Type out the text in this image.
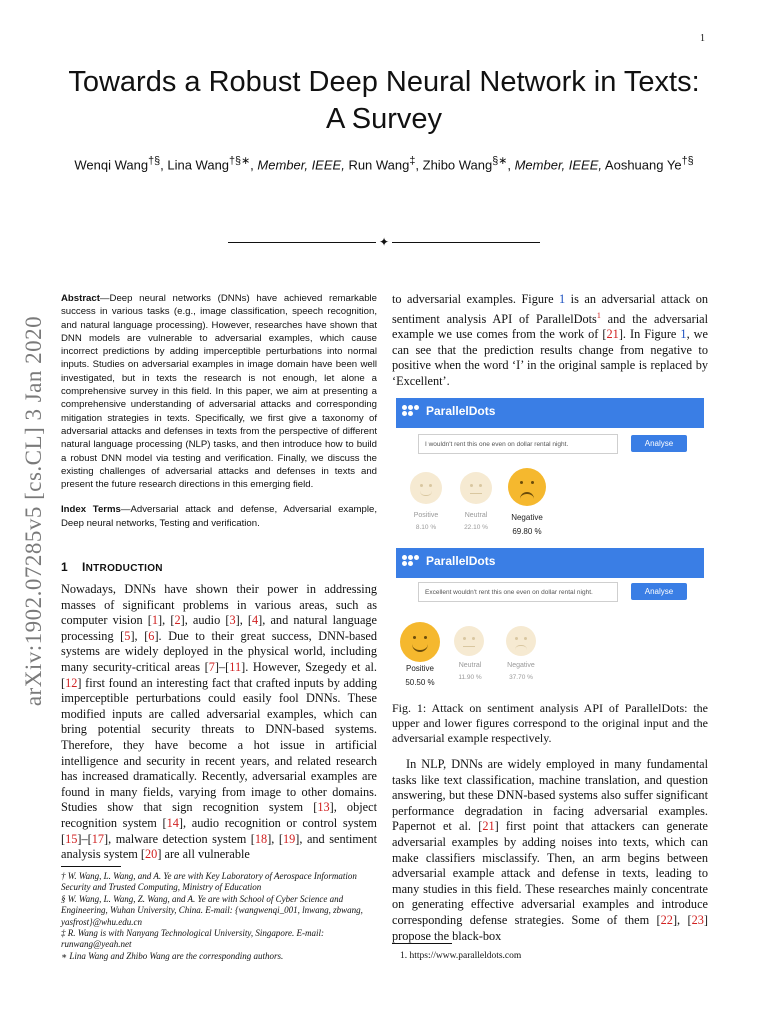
1
Towards a Robust Deep Neural Network in Texts: A Survey
Wenqi Wang†§, Lina Wang†§∗, Member, IEEE, Run Wang‡, Zhibo Wang§∗, Member, IEEE, Aoshuang Ye†§
✦
arXiv:1902.07285v5 [cs.CL] 3 Jan 2020

Abstract—Deep neural networks (DNNs) have achieved remarkable success in various tasks (e.g., image classification, speech recognition, and natural language processing). However, researches have shown that DNN models are vulnerable to adversarial examples, which cause incorrect predictions by adding imperceptible perturbations into normal inputs. Studies on adversarial examples in image domain have been well investigated, but in texts the research is not enough, let alone a comprehensive survey in this field. In this paper, we aim at presenting a comprehensive understanding of adversarial attacks and corresponding mitigation strategies in texts. Specifically, we first give a taxonomy of adversarial attacks and defenses in texts from the perspective of different natural language processing (NLP) tasks, and then introduce how to build a robust DNN model via testing and verification. Finally, we discuss the existing challenges of adversarial attacks and defenses in texts and present the future research directions in this emerging field.

Index Terms—Adversarial attack and defense, Adversarial example, Deep neural networks, Testing and verification.

1 INTRODUCTION

Nowadays, DNNs have shown their power in addressing masses of significant problems in various areas, such as computer vision [1], [2], audio [3], [4], and natural language processing [5], [6]. Due to their great success, DNN-based systems are widely deployed in the physical world, including many security-critical areas [7]–[11]. However, Szegedy et al. [12] first found an interesting fact that crafted inputs by adding imperceptible perturbations could easily fool DNNs. These modified inputs are called adversarial examples, which can bring potential security threats to DNN-based systems. Therefore, they have become a hot issue in artificial intelligence and security in recent years, and related research has increased dramatically. Recently, adversarial examples are found in many fields, varying from image to other domains. Studies show that sign recognition system [13], object recognition system [14], audio recognition or control system [15]–[17], malware detection system [18], [19], and sentiment analysis system [20] are all vulnerable

† W. Wang, L. Wang, and A. Ye are with Key Laboratory of Aerospace Information Security and Trusted Computing, Ministry of Education

§ W. Wang, L. Wang, Z. Wang, and A. Ye are with School of Cyber Science and Engineering, Wuhan University, China. E-mail: {wangwenqi_001, lnwang, zbwang, yasfrost}@whu.edu.cn

‡ R. Wang is with Nanyang Technological University, Singapore. E-mail: runwang@yeah.net

∗ Lina Wang and Zhibo Wang are the corresponding authors.

to adversarial examples. Figure 1 is an adversarial attack on sentiment analysis API of ParallelDots$^1$ and the adversarial example we use comes from the work of [21]. In Figure 1, we can see that the prediction results change from negative to positive when the word ‘I’ in the original sample is replaced by ‘Excellent’.

ParallelDots
I wouldn't rent this one even on dollar rental night.	Analyse
Positive	Neutral	Negative
8.10 %	22.10 %	69.80 %
ParallelDots
Excellent wouldn't rent this one even on dollar rental night.	Analyse
Positive	Neutral	Negative
50.50 %
11.90 %	37.70 %
Fig. 1: Attack on sentiment analysis API of ParallelDots: the upper and lower figures correspond to the original input and the adversarial example respectively.

In NLP, DNNs are widely employed in many fundamental tasks like text classification, machine translation, and question answering, but these DNN-based systems also suffer significant performance degradation in facing adversarial examples. Papernot et al. [21] first point that attackers can generate adversarial examples by adding noises into texts, which can make classifiers misclassify. Then, an arm begins between adversarial example attack and defense in texts, leading to many studies in this field. These researches mainly concentrate on generating effective adversarial examples and introduce corresponding defense strategies. Some of them [22], [23] propose the black-box

1. https://www.paralleldots.com
